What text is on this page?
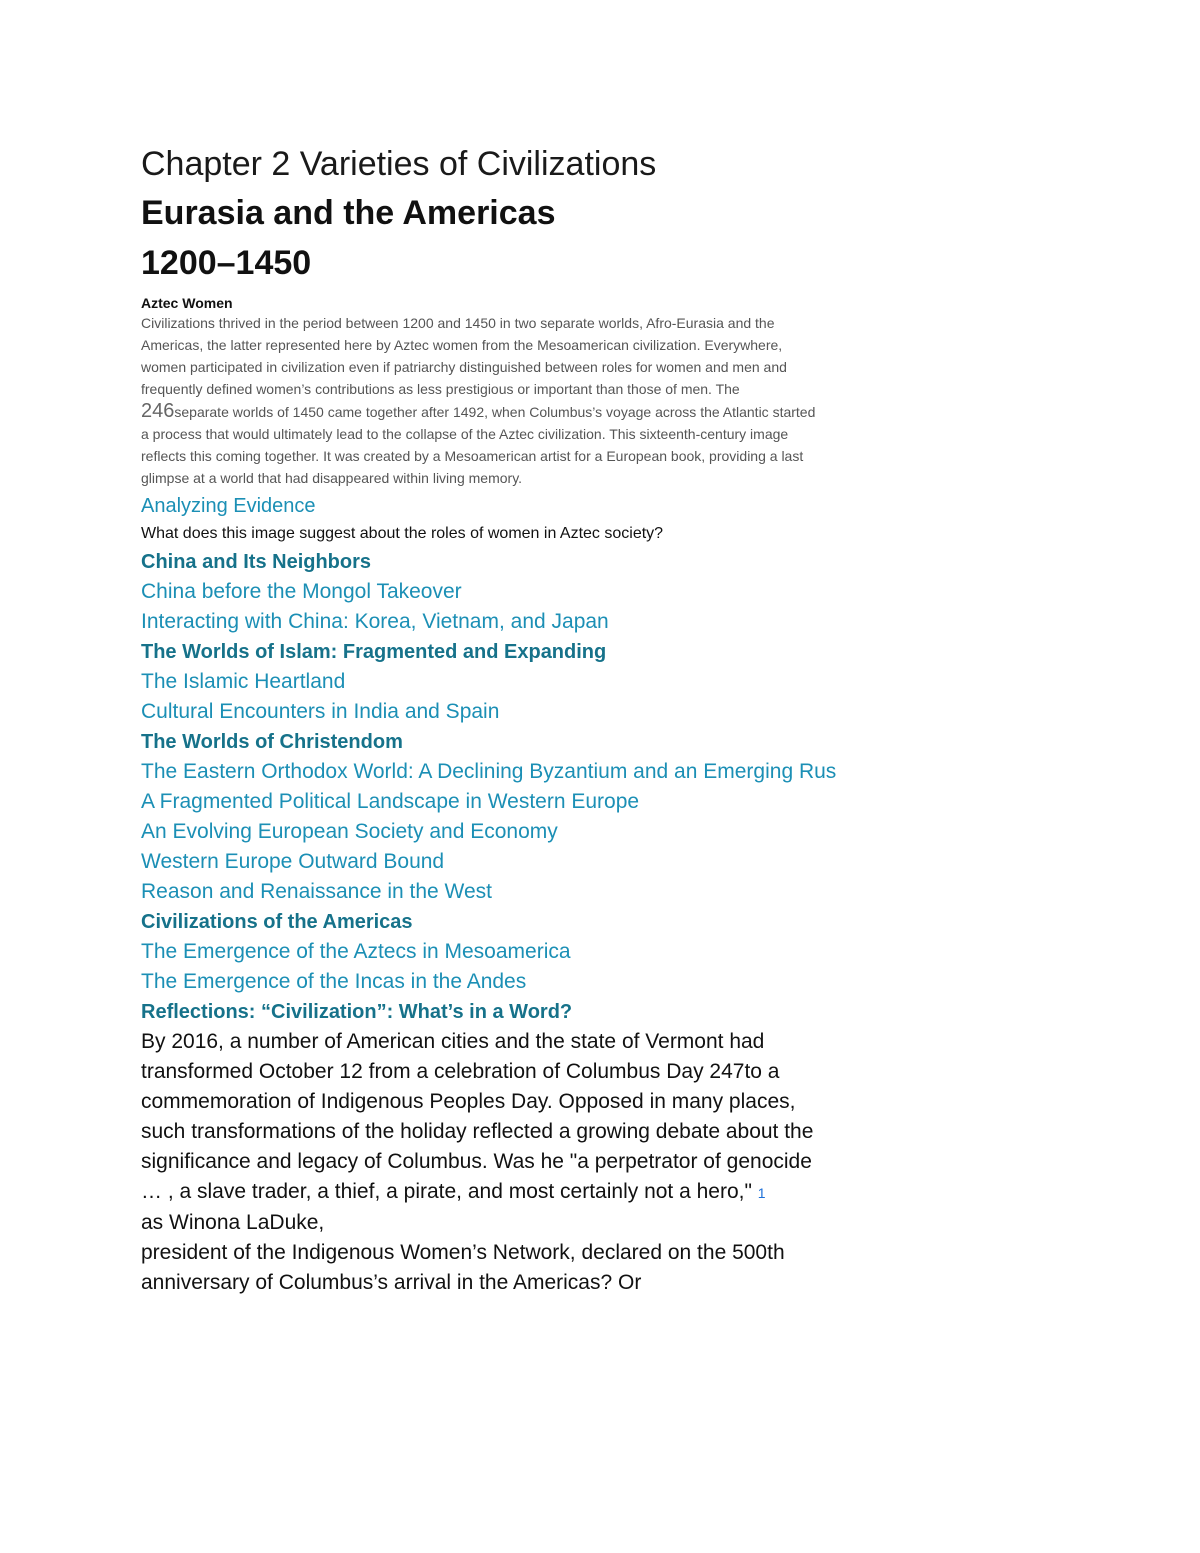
Chapter 2 Varieties of Civilizations
Eurasia and the Americas
1200–1450

Aztec Women

Civilizations thrived in the period between 1200 and 1450 in two separate worlds, Afro-Eurasia and the Americas, the latter represented here by Aztec women from the Mesoamerican civilization. Everywhere, women participated in civilization even if patriarchy distinguished between roles for women and men and frequently defined women’s contributions as less prestigious or important than those of men. The
246separate worlds of 1450 came together after 1492, when Columbus’s voyage across the Atlantic started a process that would ultimately lead to the collapse of the Aztec civilization. This sixteenth-century image reflects this coming together. It was created by a Mesoamerican artist for a European book, providing a last glimpse at a world that had disappeared within living memory.

Analyzing Evidence

What does this image suggest about the roles of women in Aztec society?

China and Its Neighbors

China before the Mongol Takeover

Interacting with China: Korea, Vietnam, and Japan

The Worlds of Islam: Fragmented and Expanding

The Islamic Heartland

Cultural Encounters in India and Spain

The Worlds of Christendom

The Eastern Orthodox World: A Declining Byzantium and an Emerging Rus

A Fragmented Political Landscape in Western Europe

An Evolving European Society and Economy

Western Europe Outward Bound

Reason and Renaissance in the West

Civilizations of the Americas

The Emergence of the Aztecs in Mesoamerica

The Emergence of the Incas in the Andes

Reflections: “Civilization”: What’s in a Word?

By 2016, a number of American cities and the state of Vermont had transformed October 12 from a celebration of Columbus Day 247to a commemoration of Indigenous Peoples Day. Opposed in many places, such transformations of the holiday reflected a growing debate about the significance and legacy of Columbus. Was he "a perpetrator of genocide … , a slave trader, a thief, a pirate, and most certainly not a hero," 1

as Winona LaDuke,

president of the Indigenous Women’s Network, declared on the 500th anniversary of Columbus’s arrival in the Americas? Or
